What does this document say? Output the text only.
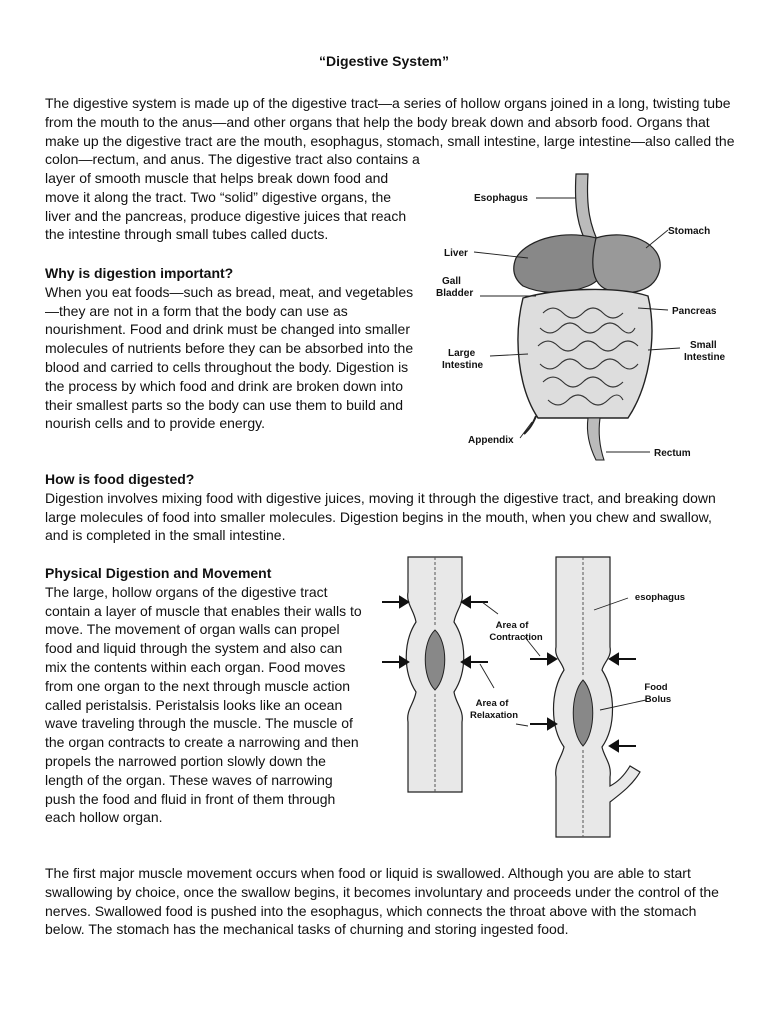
“Digestive System”

The digestive system is made up of the digestive tract—a series of hollow organs joined in a long, twisting tube from the mouth to the anus—and other organs that help the body break down and absorb food. Organs that make up the digestive tract are the mouth, esophagus, stomach, small intestine, large intestine—also called the colon—rectum, and anus. The digestive tract also contains a

layer of smooth muscle that helps break down food and move it along the tract. Two “solid” digestive organs, the liver and the pancreas, produce digestive juices that reach the intestine through small tubes called ducts.

Why is digestion important?

When you eat foods—such as bread, meat, and vegetables—they are not in a form that the body can use as nourishment. Food and drink must be changed into smaller molecules of nutrients before they can be absorbed into the blood and carried to cells throughout the body. Digestion is the process by which food and drink are broken down into their smallest parts so the body can use them to build and nourish cells and to provide energy.

How is food digested?

Digestion involves mixing food with digestive juices, moving it through the digestive tract, and breaking down large molecules of food into smaller molecules. Digestion begins in the mouth, when you chew and swallow, and is completed in the small intestine.

Physical Digestion and Movement

The large, hollow organs of the digestive tract contain a layer of muscle that enables their walls to move. The movement of organ walls can propel food and liquid through the system and also can mix the contents within each organ. Food moves from one organ to the next through muscle action called peristalsis. Peristalsis looks like an ocean wave traveling through the muscle. The muscle of the organ contracts to create a narrowing and then propels the narrowed portion slowly down the length of the organ. These waves of narrowing push the food and fluid in front of them through each hollow organ.

The first major muscle movement occurs when food or liquid is swallowed. Although you are able to start swallowing by choice, once the swallow begins, it becomes involuntary and proceeds under the control of the nerves. Swallowed food is pushed into the esophagus, which connects the throat above with the stomach below. The stomach has the mechanical tasks of churning and storing ingested food.

Esophagus
Stomach
Liver
Gall
Bladder
Pancreas
Small
Intestine
Large
Intestine
Appendix
Rectum
esophagus
Area of
Contraction
Area of
Relaxation
Food
Bolus
